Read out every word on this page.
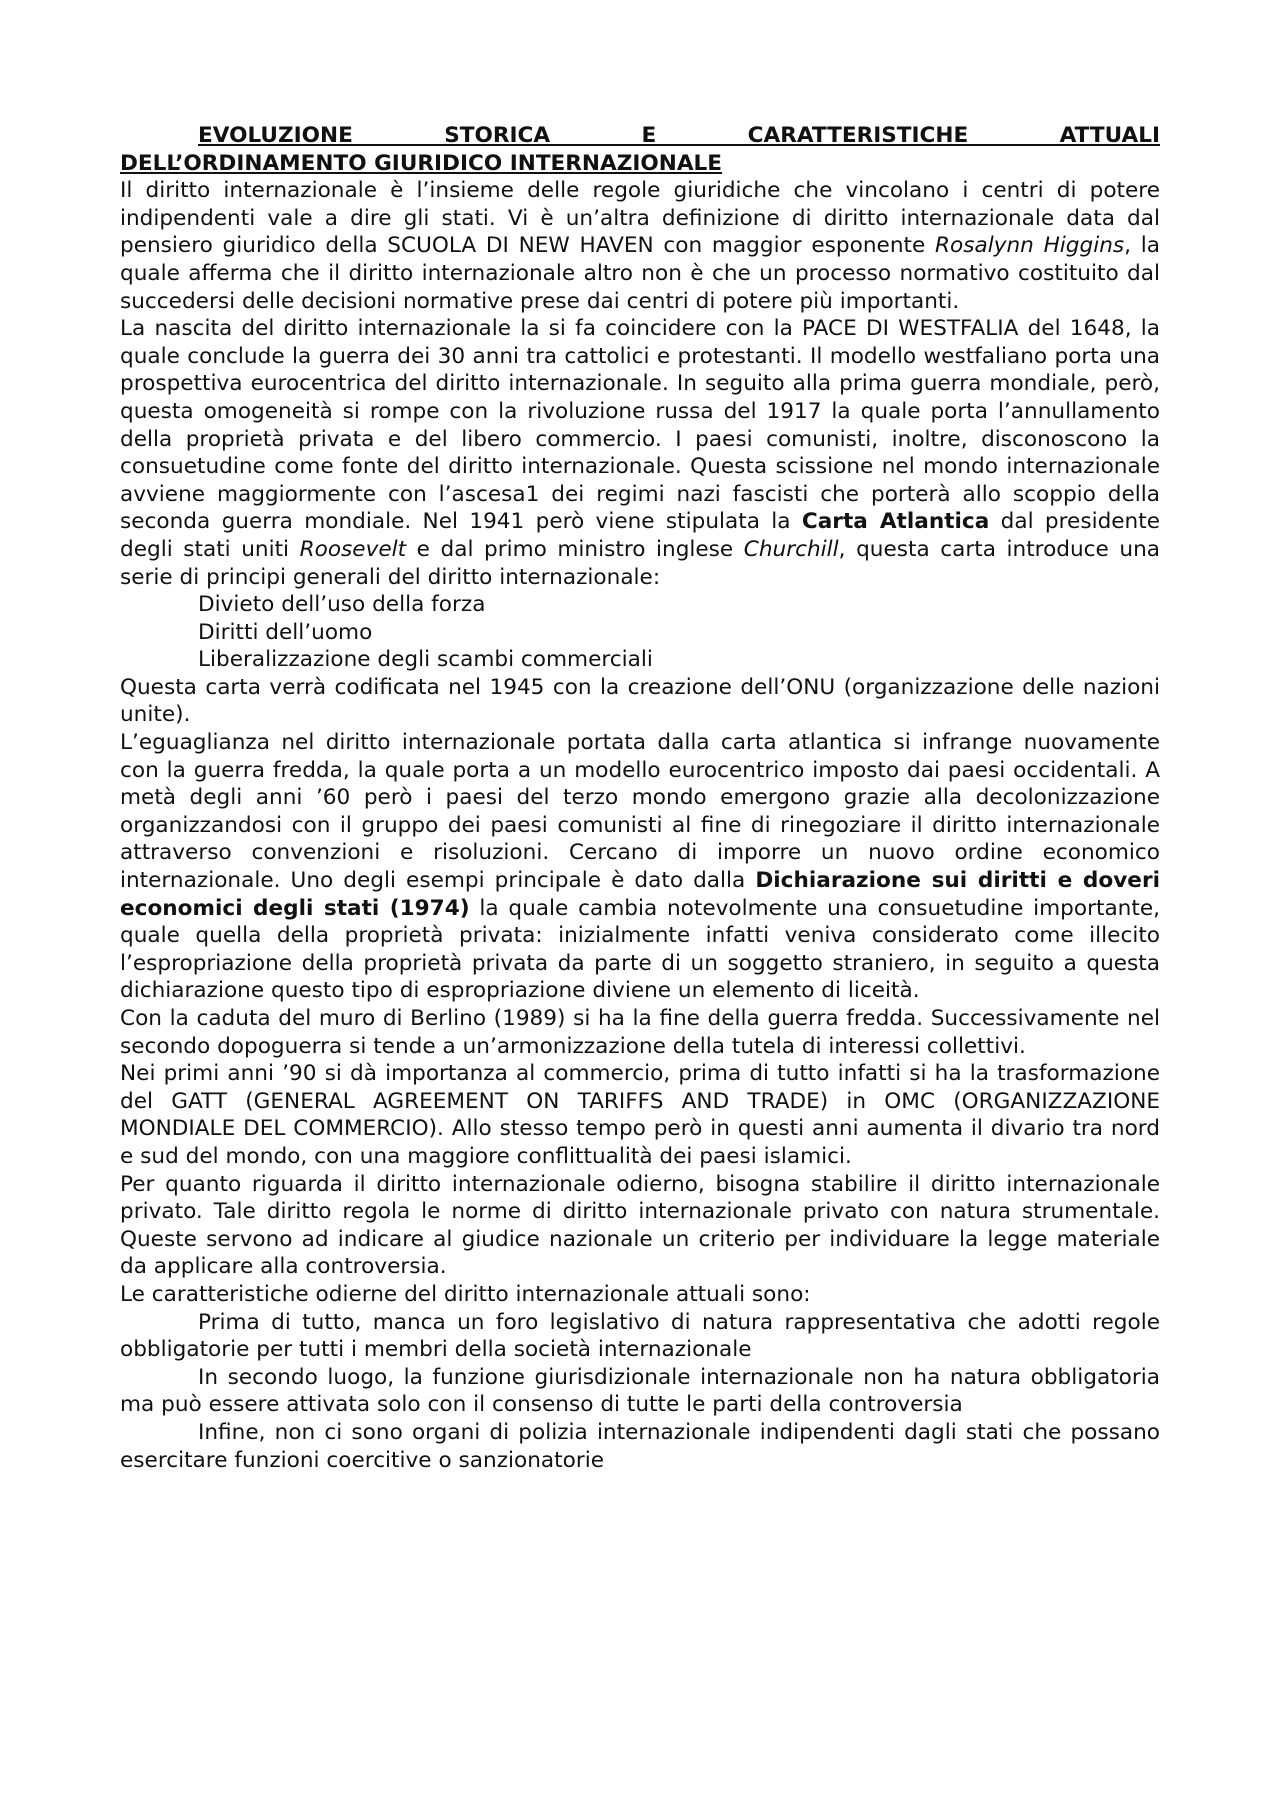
EVOLUZIONE STORICA E CARATTERISTICHE ATTUALI
DELL’ORDINAMENTO GIURIDICO INTERNAZIONALE

Il diritto internazionale è l’insieme delle regole giuridiche che vincolano i centri di potere indipendenti vale a dire gli stati. Vi è un’altra definizione di diritto internazionale data dal pensiero giuridico della SCUOLA DI NEW HAVEN con maggior esponente Rosalynn Higgins, la quale afferma che il diritto internazionale altro non è che un processo normativo costituito dal succedersi delle decisioni normative prese dai centri di potere più importanti.

La nascita del diritto internazionale la si fa coincidere con la PACE DI WESTFALIA del 1648, la quale conclude la guerra dei 30 anni tra cattolici e protestanti. Il modello westfaliano porta una prospettiva eurocentrica del diritto internazionale. In seguito alla prima guerra mondiale, però, questa omogeneità si rompe con la rivoluzione russa del 1917 la quale porta l’annullamento della proprietà privata e del libero commercio. I paesi comunisti, inoltre, disconoscono la consuetudine come fonte del diritto internazionale. Questa scissione nel mondo internazionale avviene maggiormente con l’ascesa1 dei regimi nazi fascisti che porterà allo scoppio della seconda guerra mondiale. Nel 1941 però viene stipulata la Carta Atlantica dal presidente degli stati uniti Roosevelt e dal primo ministro inglese Churchill, questa carta introduce una serie di principi generali del diritto internazionale:

Divieto dell’uso della forza
Diritti dell’uomo
Liberalizzazione degli scambi commerciali

Questa carta verrà codificata nel 1945 con la creazione dell’ONU (organizzazione delle nazioni unite).

L’eguaglianza nel diritto internazionale portata dalla carta atlantica si infrange nuovamente con la guerra fredda, la quale porta a un modello eurocentrico imposto dai paesi occidentali. A metà degli anni ’60 però i paesi del terzo mondo emergono grazie alla decolonizzazione organizzandosi con il gruppo dei paesi comunisti al fine di rinegoziare il diritto internazionale attraverso convenzioni e risoluzioni. Cercano di imporre un nuovo ordine economico internazionale. Uno degli esempi principale è dato dalla Dichiarazione sui diritti e doveri economici degli stati (1974) la quale cambia notevolmente una consuetudine importante, quale quella della proprietà privata: inizialmente infatti veniva considerato come illecito l’espropriazione della proprietà privata da parte di un soggetto straniero, in seguito a questa dichiarazione questo tipo di espropriazione diviene un elemento di liceità.

Con la caduta del muro di Berlino (1989) si ha la fine della guerra fredda. Successivamente nel secondo dopoguerra si tende a un’armonizzazione della tutela di interessi collettivi.

Nei primi anni ’90 si dà importanza al commercio, prima di tutto infatti si ha la trasformazione del GATT (GENERAL AGREEMENT ON TARIFFS AND TRADE) in OMC (ORGANIZZAZIONE MONDIALE DEL COMMERCIO). Allo stesso tempo però in questi anni aumenta il divario tra nord e sud del mondo, con una maggiore conflittualità dei paesi islamici.

Per quanto riguarda il diritto internazionale odierno, bisogna stabilire il diritto internazionale privato. Tale diritto regola le norme di diritto internazionale privato con natura strumentale. Queste servono ad indicare al giudice nazionale un criterio per individuare la legge materiale da applicare alla controversia.

Le caratteristiche odierne del diritto internazionale attuali sono:

Prima di tutto, manca un foro legislativo di natura rappresentativa che adotti regole obbligatorie per tutti i membri della società internazionale

In secondo luogo, la funzione giurisdizionale internazionale non ha natura obbligatoria ma può essere attivata solo con il consenso di tutte le parti della controversia

Infine, non ci sono organi di polizia internazionale indipendenti dagli stati che possano esercitare funzioni coercitive o sanzionatorie
